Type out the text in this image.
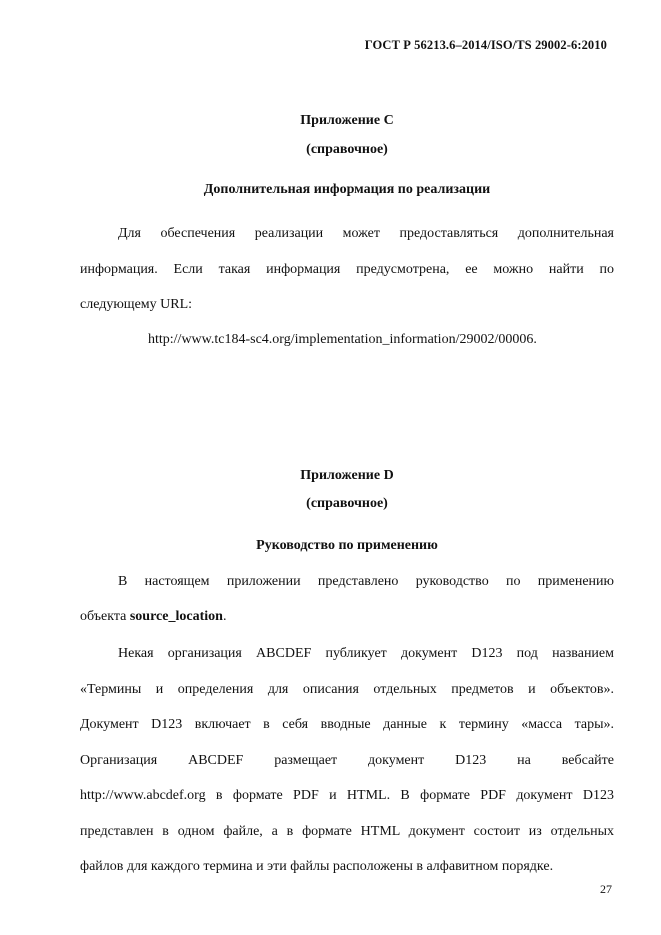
ГОСТ Р 56213.6–2014/ISO/TS 29002-6:2010
Приложение С
(справочное)
Дополнительная информация по реализации
Для обеспечения реализации может предоставляться дополнительная
информация. Если такая информация предусмотрена, ее можно найти по
следующему URL:
http://www.tc184-sc4.org/implementation_information/29002/00006.
Приложение D
(справочное)
Руководство по применению
В настоящем приложении представлено руководство по применению
объекта source_location.
Некая организация ABCDEF публикует документ D123 под названием
«Термины и определения для описания отдельных предметов и объектов».
Документ D123 включает в себя вводные данные к термину «масса тары».
Организация ABCDEF размещает документ D123 на вебсайте
http://www.abcdef.org в формате PDF и HTML. В формате PDF документ D123
представлен в одном файле, а в формате HTML документ состоит из отдельных
файлов для каждого термина и эти файлы расположены в алфавитном порядке.
27
